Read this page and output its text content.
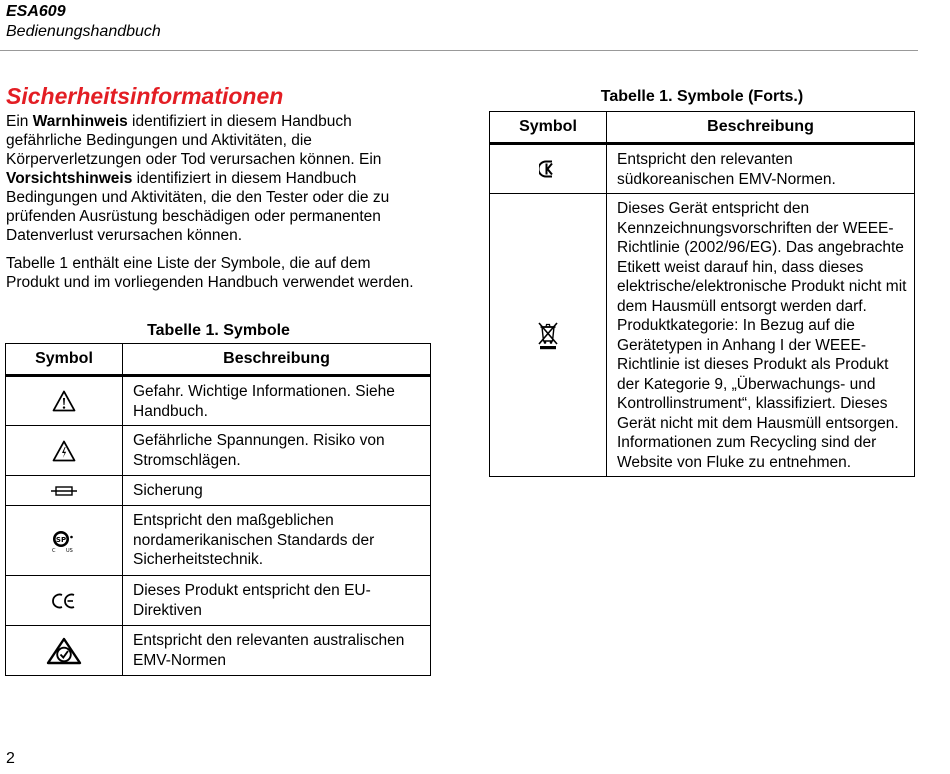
ESA609
Bedienungshandbuch
Sicherheitsinformationen

Ein Warnhinweis identifiziert in diesem Handbuch gefährliche Bedingungen und Aktivitäten, die Körperverletzungen oder Tod verursachen können. Ein Vorsichtshinweis identifiziert in diesem Handbuch Bedingungen und Aktivitäten, die den Tester oder die zu prüfenden Ausrüstung beschädigen oder permanenten Datenverlust verursachen können.

Tabelle 1 enthält eine Liste der Symbole, die auf dem Produkt und im vorliegenden Handbuch verwendet werden.

Tabelle 1. Symbole
Symbol	Beschreibung

	Gefahr. Wichtige Informationen. Siehe Handbuch.

	Gefährliche Spannungen. Risiko von Stromschlägen.

	Sicherung

SP
C US	Entspricht den maßgeblichen nordamerikanischen Standards der Sicherheitstechnik.

	Dieses Produkt entspricht den EU-Direktiven

	Entspricht den relevanten australischen EMV-Normen
Tabelle 1. Symbole (Forts.)
Symbol	Beschreibung

	Entspricht den relevanten südkoreanischen EMV-Normen.

	Dieses Gerät entspricht den Kennzeichnungsvorschriften der WEEE-Richtlinie (2002/96/EG). Das angebrachte Etikett weist darauf hin, dass dieses elektrische/elektronische Produkt nicht mit dem Hausmüll entsorgt werden darf. Produktkategorie: In Bezug auf die Gerätetypen in Anhang I der WEEE-Richtlinie ist dieses Produkt als Produkt der Kategorie 9, „Überwachungs- und Kontrollinstrument“, klassifiziert. Dieses Gerät nicht mit dem Hausmüll entsorgen. Informationen zum Recycling sind der Website von Fluke zu entnehmen.
2
